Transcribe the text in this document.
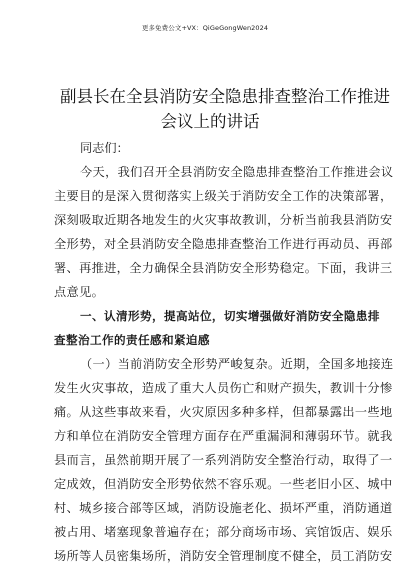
更多免费公文+VX：QiGeGongWen2024
副县长在全县消防安全隐患排查整治工作推进
会议上的讲话
同志们：
今天，我们召开全县消防安全隐患排查整治工作推进会议
主要目的是深入贯彻落实上级关于消防安全工作的决策部署，
深刻吸取近期各地发生的火灾事故教训，分析当前我县消防安
全形势，对全县消防安全隐患排查整治工作进行再动员、再部
署、再推进，全力确保全县消防安全形势稳定。下面，我讲三
点意见。
一、认清形势，提高站位，切实增强做好消防安全隐患排
查整治工作的责任感和紧迫感
（一）当前消防安全形势严峻复杂。近期，全国多地接连
发生火灾事故，造成了重大人员伤亡和财产损失，教训十分惨
痛。从这些事故来看，火灾原因多种多样，但都暴露出一些地
方和单位在消防安全管理方面存在严重漏洞和薄弱环节。就我
县而言，虽然前期开展了一系列消防安全整治行动，取得了一
定成效，但消防安全形势依然不容乐观。一些老旧小区、城中
村、城乡接合部等区域，消防设施老化、损坏严重，消防通道
被占用、堵塞现象普遍存在；部分商场市场、宾馆饭店、娱乐
场所等人员密集场所，消防安全管理制度不健全，员工消防安
